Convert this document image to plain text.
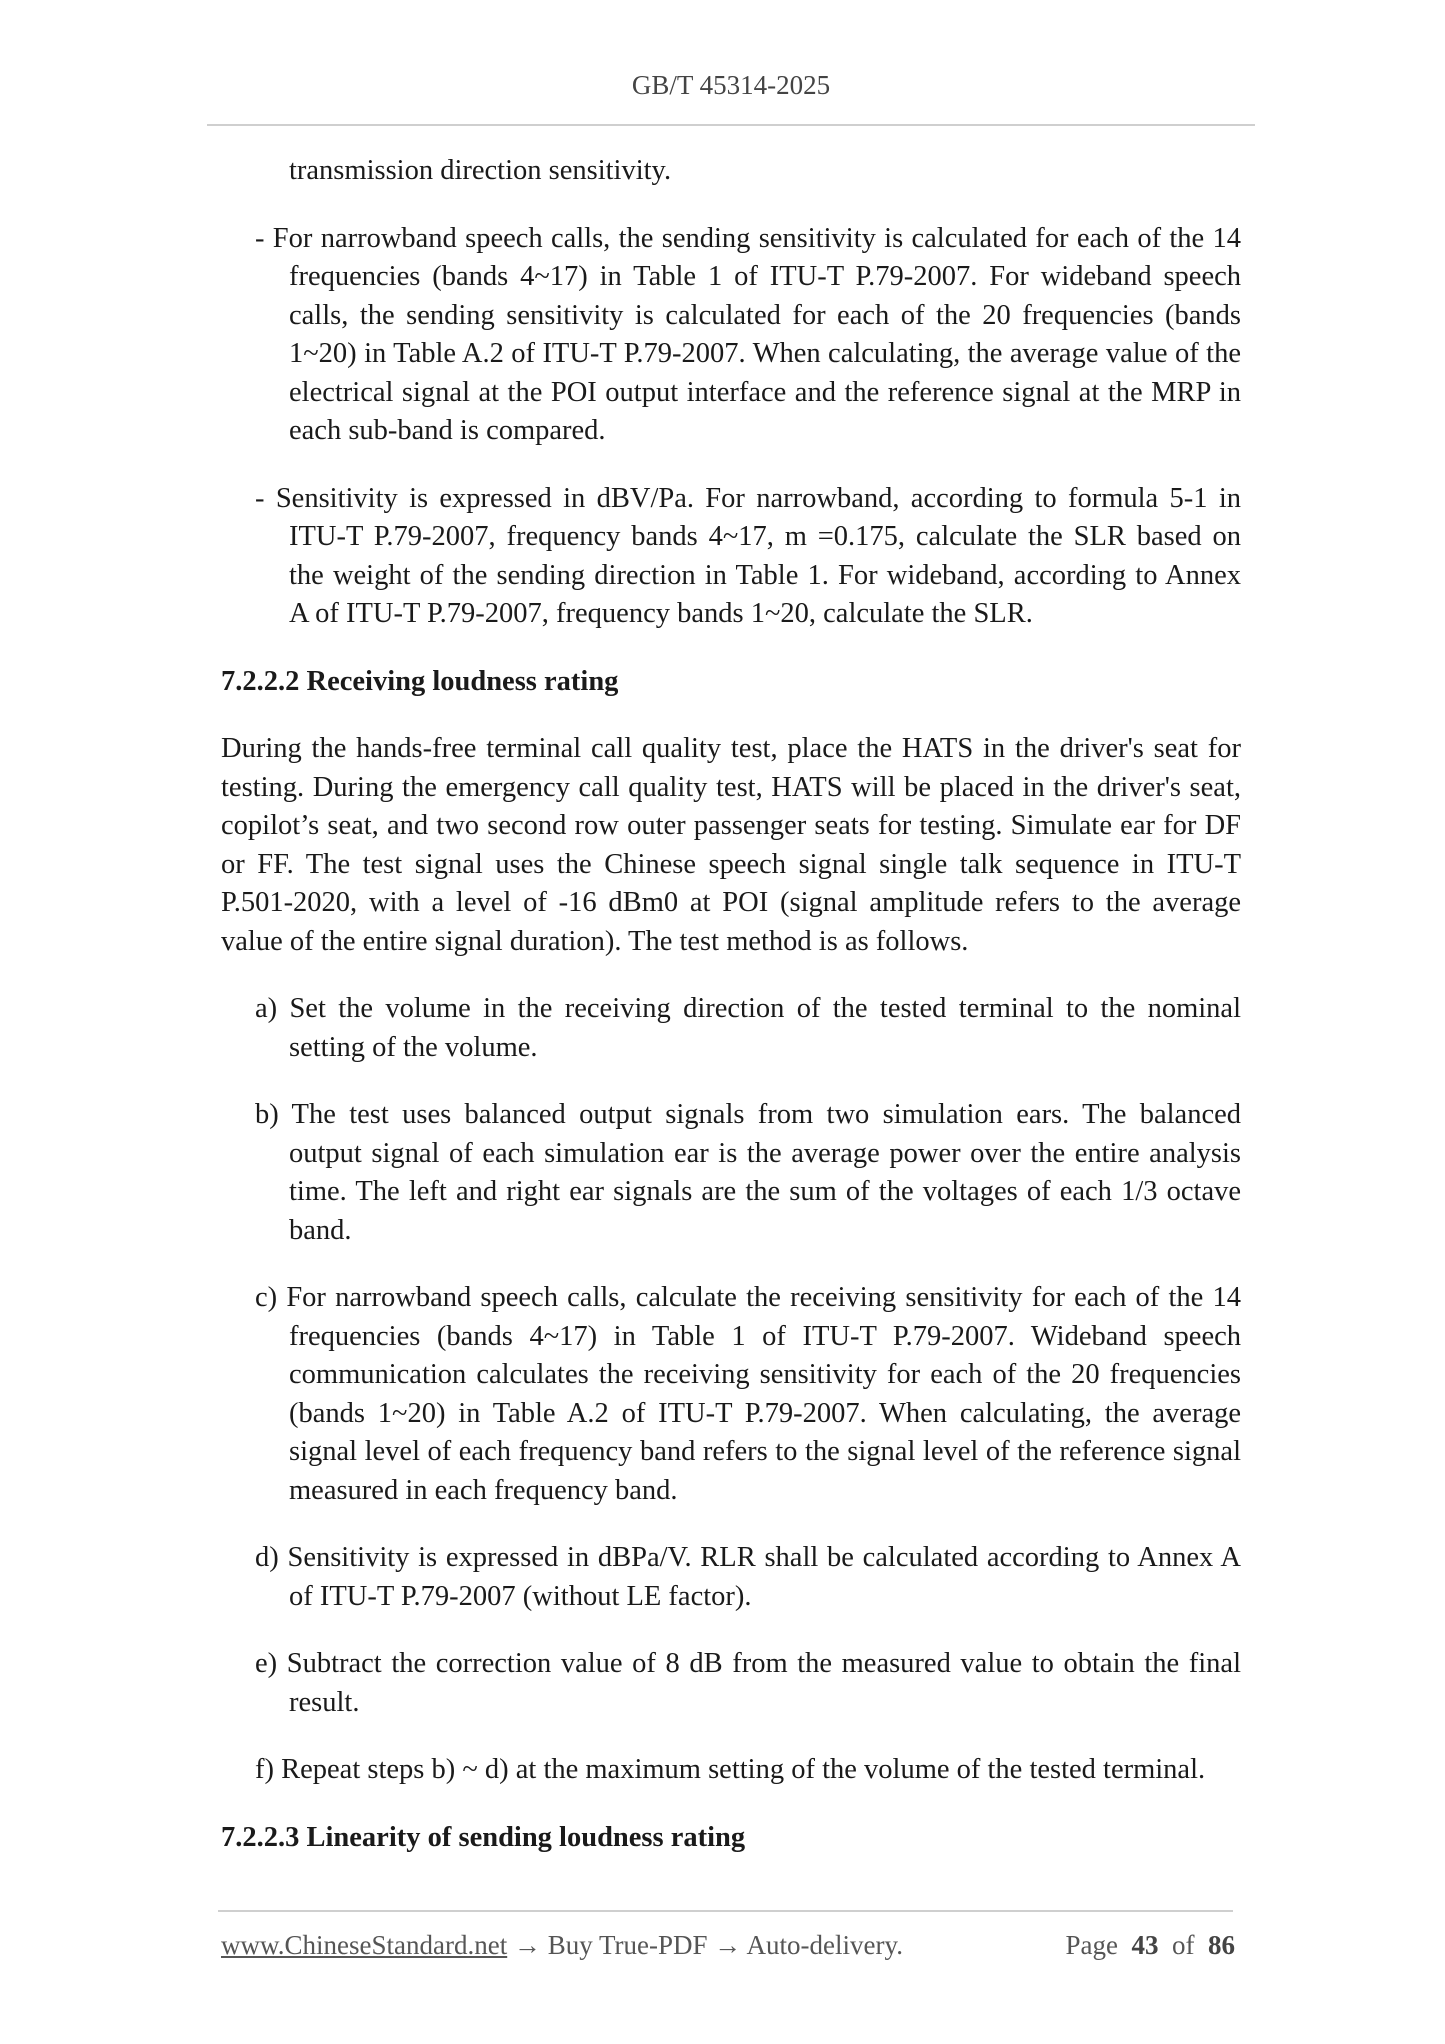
GB/T 45314-2025

transmission direction sensitivity.

- For narrowband speech calls, the sending sensitivity is calculated for each of the 14 frequencies (bands 4~17) in Table 1 of ITU-T P.79-2007. For wideband speech calls, the sending sensitivity is calculated for each of the 20 frequencies (bands 1~20) in Table A.2 of ITU-T P.79-2007. When calculating, the average value of the electrical signal at the POI output interface and the reference signal at the MRP in each sub-band is compared.

- Sensitivity is expressed in dBV/Pa. For narrowband, according to formula 5-1 in ITU-T P.79-2007, frequency bands 4~17, m =0.175, calculate the SLR based on the weight of the sending direction in Table 1. For wideband, according to Annex A of ITU-T P.79-2007, frequency bands 1~20, calculate the SLR.

7.2.2.2 Receiving loudness rating

During the hands-free terminal call quality test, place the HATS in the driver's seat for testing. During the emergency call quality test, HATS will be placed in the driver's seat, copilot’s seat, and two second row outer passenger seats for testing. Simulate ear for DF or FF. The test signal uses the Chinese speech signal single talk sequence in ITU-T P.501-2020, with a level of -16 dBm0 at POI (signal amplitude refers to the average value of the entire signal duration). The test method is as follows.

a) Set the volume in the receiving direction of the tested terminal to the nominal setting of the volume.

b) The test uses balanced output signals from two simulation ears. The balanced output signal of each simulation ear is the average power over the entire analysis time. The left and right ear signals are the sum of the voltages of each 1/3 octave band.

c) For narrowband speech calls, calculate the receiving sensitivity for each of the 14 frequencies (bands 4~17) in Table 1 of ITU-T P.79-2007. Wideband speech communication calculates the receiving sensitivity for each of the 20 frequencies (bands 1~20) in Table A.2 of ITU-T P.79-2007. When calculating, the average signal level of each frequency band refers to the signal level of the reference signal measured in each frequency band.

d) Sensitivity is expressed in dBPa/V. RLR shall be calculated according to Annex A of ITU-T P.79-2007 (without LE factor).

e) Subtract the correction value of 8 dB from the measured value to obtain the final result.

f) Repeat steps b) ~ d) at the maximum setting of the volume of the tested terminal.

7.2.2.3 Linearity of sending loudness rating

www.ChineseStandard.net → Buy True-PDF → Auto-delivery.	Page 43 of 86
